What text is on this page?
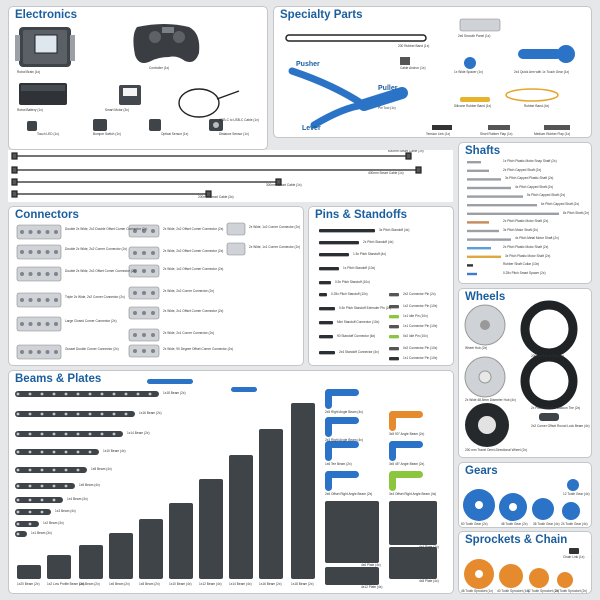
Electronics
Robot Brain (1x)
Controller (1x)
Robot Battery (1x)	Smart Motor (3x)
USB-C to USB-C Cable (1x)
Touch LED (1x)	Bumper Switch (1x)	Optical Sensor (1x)	Distance Sensor (1x)
600mm Smart Cable (1x)
400mm Smart Cable (1x)
300mm Smart Cable (1x)
200mm Smart Cable (3x)
Specialty Parts
200 Rubber Band (1x)
Cable Anchor (1x)
2x6 Smooth Panel (1x)
1x Wide Spacer (1x)	2x4 Quick Arm with 1x Touch Gear (1x)
Pusher
Puller
Lever
Pin Tool (1x)	Silicone Rubber Band (1x)	Rubber Band (4x)
Tension Link (1x)	Short Rubber Flap (1x)	Medium Rubber Flap (1x)
Shafts
1x Pitch Plastic Motor Snap Shaft (2x)
2x Pitch Capped Shaft (2x)
3x Pitch Capped Plastic Shaft (2x)
4x Pitch Capped Shaft (2x)
5x Pitch Capped Shaft (2x)
6x Pitch Capped Shaft (2x)
8x Pitch Shaft (2x)
2x Pitch Plastic Motor Shaft (2x)
3x Pitch Motor Shaft (2x)
4x Pitch Metal Motor Shaft (2x)
2x Pitch Plastic Motor Shaft (2x)
3x Pitch Plastic Motor Shaft (2x)
Rubber Shaft Collar (10x)
0.25x Pitch Smart Spacer (2x)
Connectors
Double 2x Wide, 2x2 Double Offset Corner Connector (2x)
Double 2x Wide, 2x2 Corner Connector (2x)
Double 2x Wide, 2x2 Offset Corner Connector (2x)
Triple 2x Wide, 2x2 Corner Connector (2x)
Large Closed Corner Connector (2x)
Gusset Double Corner Connector (2x)
2x Wide, 2x2 Offset Corner Connector (2x)
2x Wide, 2x2 Offset Corner Connector (2x)
2x Wide, 1x2 Offset Corner Connector (2x)
2x Wide, 2x2 Corner Connector (2x)
2x Wide, 2x1 Offset Corner Connector (2x)
2x Wide, 2x1 Corner Connector (2x)
2x Wide, 90 Degree Offset Corner Connector (2x)
2x Wide, 1x2 Corner Connector (2x)
2x Wide, 1x1 Corner Connector (2x)
Pins & Standoffs
3x Pitch Standoff (4x)
2x Pitch Standoff (4x)
1.5x Pitch Standoff (4x)
1x Pitch Standoff (10x)
0.5x Pitch Standoff (10x)
0.25x Pitch Standoff (10x)
0.5x Pitch Standoff Extender Pin (2x)
Mini Standoff Connector (10x)
90 Standoff Connector (6x)
2x4 Standoff Connector (4x)
2x2 Connector Pin (2x)
1x2 Connector Pin (10x)
1x1 Idle Pin (10x)
1x1 Connector Pin (10x)
0x2 Idle Pin (10x)
0x2 Connector Pin (10x)
1x1 Connector Pin (10x)
Wheels
Wheel Hub (2x)
200mm Travel Tire (2x)
2x Wide 48.5mm Diameter Hub (4x)
2x Pitch Diameter Balloon Tire (2x)
200 mm Travel Omni-Directional Wheel (2x)
2x2 Corner Offset Round Lock Beam (4x)
Beams & Plates
1x18 Beam (2x)
1x16 Beam (2x)
1x14 Beam (2x)
1x10 Beam (4x)
1x8 Beam (4x)
1x6 Beam (4x)
1x4 Beam (3x)
1x3 Beam (4x)
1x2 Beam (3x)
1x1 Beam (3x)
1x20 Beam (2x) 1x2 Low Profile Beam (2x)
1x4 Beam (2x)	1x6 Beam (2x)	1x8 Beam (2x)	1x10 Beam (4x) 1x12 Beam (4x) 1x14 Beam (4x) 1x16 Beam (2x)	1x18 Beam (2x)
2x5 Right Angle Beam (4x)
2x3 Right Angle Beam (4x)
1x6 Tee Beam (2x)
3x5 90° Angle Beam (2x)
3x5 45° Angle Beam (2x)
3x4 Offset Right Angle Beam (4x)
2x6 Offset Right Angle Beam (2x)
4x6 Plate (4x)
4x4 Plate (2x)
4x8 Plate (4x)
4x12 Plate (4x)
Gears
12 Tooth Gear (4x)
60 Tooth Gear (2x)	48 Tooth Gear (2x) 36 Tooth Gear (4x) 24 Tooth Gear (4x)
Sprockets & Chain
48 Tooth Sprocket (1x) 40 Tooth Sprocket (1x)
32 Tooth Sprocket (2x)
24 Tooth Sprocket (2x)
Chain Link (1x)
